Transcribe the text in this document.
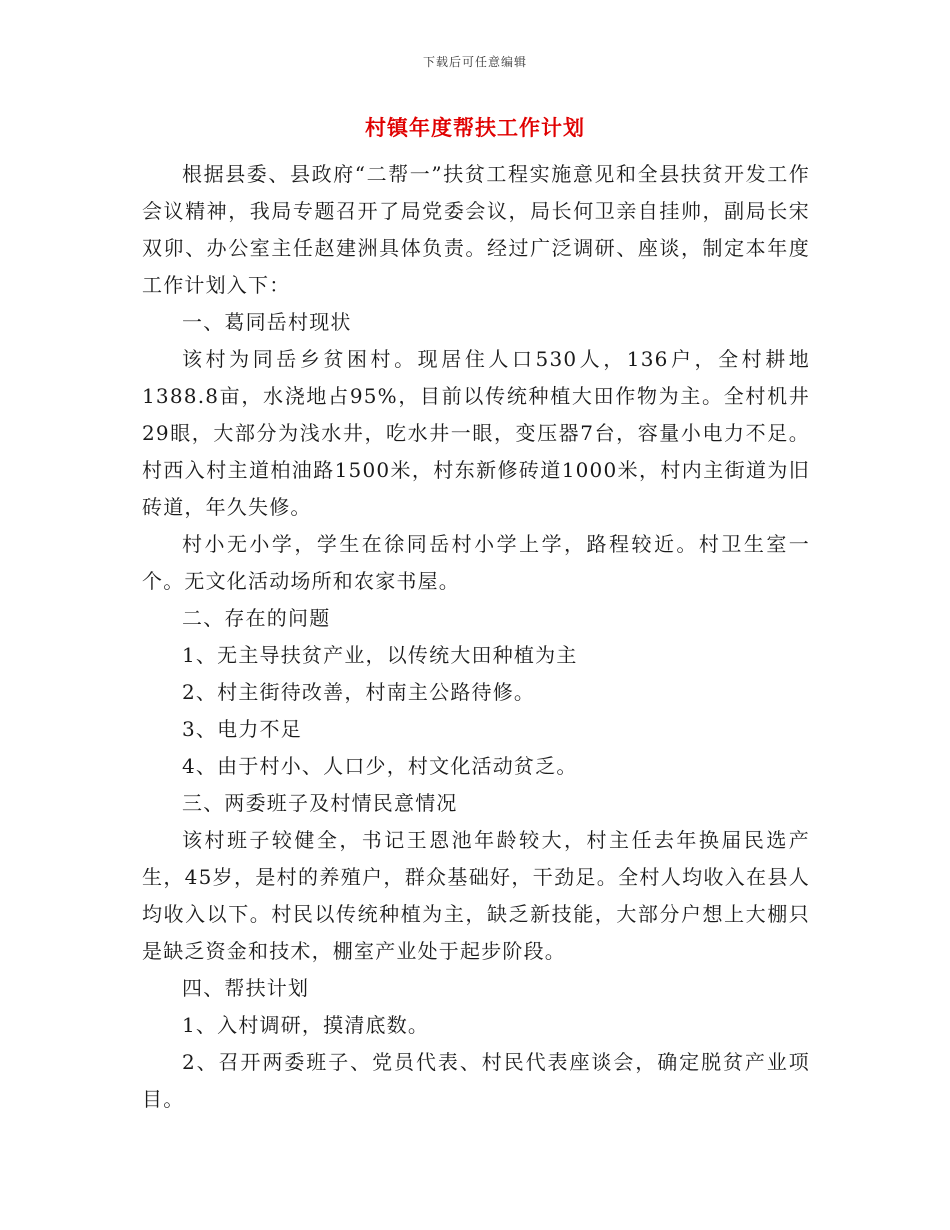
下载后可任意编辑
村镇年度帮扶工作计划

根据县委、县政府“二帮一”扶贫工程实施意见和全县扶贫开发工作会议精神，我局专题召开了局党委会议，局长何卫亲自挂帅，副局长宋双卯、办公室主任赵建洲具体负责。经过广泛调研、座谈，制定本年度工作计划入下：

一、葛同岳村现状

该村为同岳乡贫困村。现居住人口530人，136户，全村耕地1388.8亩，水浇地占95%，目前以传统种植大田作物为主。全村机井29眼，大部分为浅水井，吃水井一眼，变压器7台，容量小电力不足。村西入村主道柏油路1500米，村东新修砖道1000米，村内主街道为旧砖道，年久失修。

村小无小学，学生在徐同岳村小学上学，路程较近。村卫生室一个。无文化活动场所和农家书屋。

二、存在的问题

1、无主导扶贫产业，以传统大田种植为主

2、村主街待改善，村南主公路待修。

3、电力不足

4、由于村小、人口少，村文化活动贫乏。

三、两委班子及村情民意情况

该村班子较健全，书记王恩池年龄较大，村主任去年换届民选产生，45岁，是村的养殖户，群众基础好，干劲足。全村人均收入在县人均收入以下。村民以传统种植为主，缺乏新技能，大部分户想上大棚只是缺乏资金和技术，棚室产业处于起步阶段。

四、帮扶计划

1、入村调研，摸清底数。

2、召开两委班子、党员代表、村民代表座谈会，确定脱贫产业项目。
